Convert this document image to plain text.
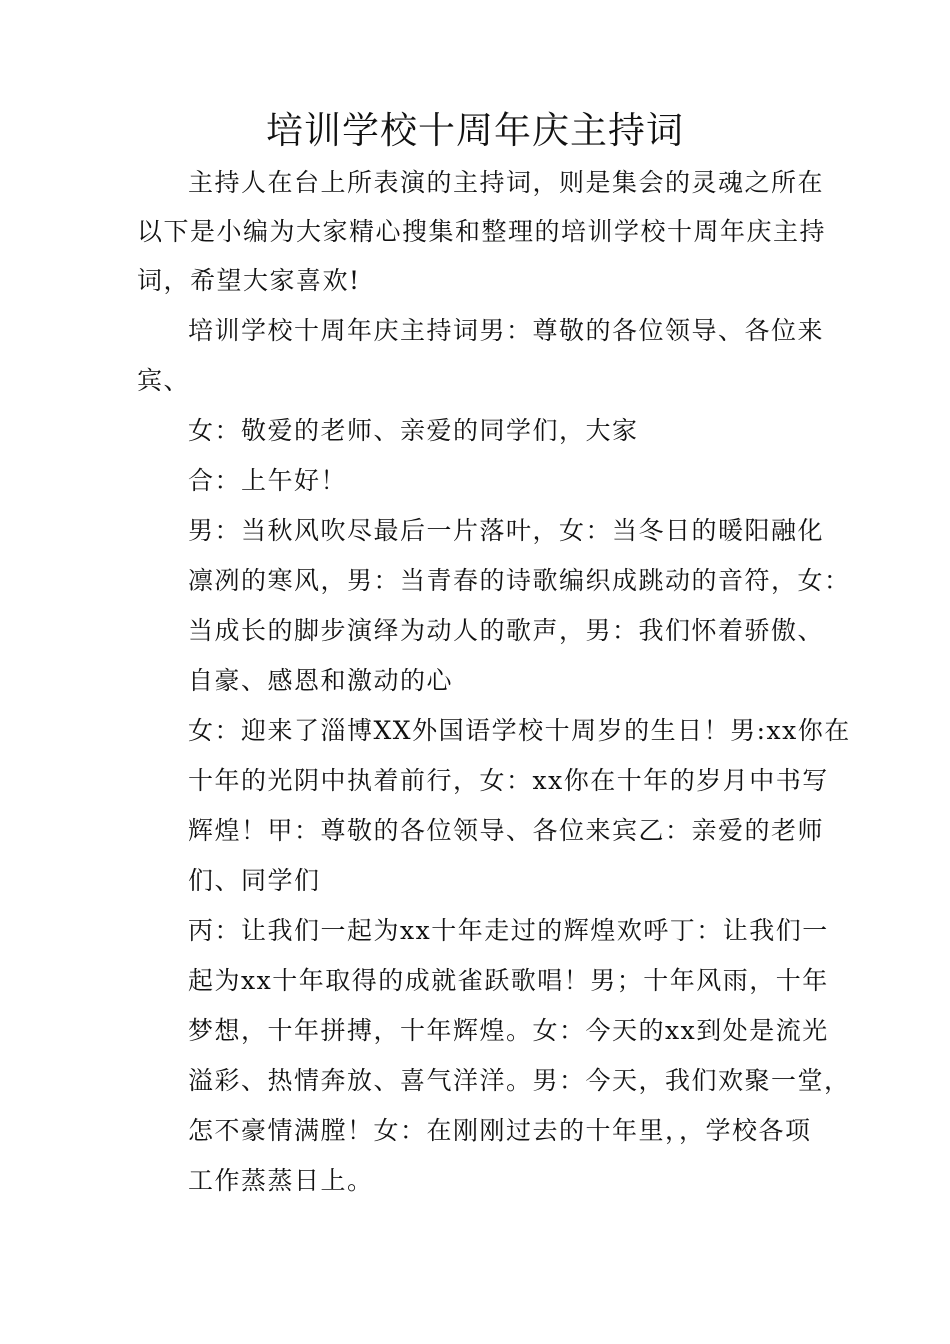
培训学校十周年庆主持词
主持人在台上所表演的主持词，则是集会的灵魂之所在
以下是小编为大家精心搜集和整理的培训学校十周年庆主持
词，希望大家喜欢!
培训学校十周年庆主持词男：尊敬的各位领导、各位来
宾、
女：敬爱的老师、亲爱的同学们，大家
合：上午好！
男：当秋风吹尽最后一片落叶，女：当冬日的暖阳融化
凛冽的寒风，男：当青春的诗歌编织成跳动的音符，女：
当成长的脚步演绎为动人的歌声，男：我们怀着骄傲、
自豪、感恩和激动的心
女：迎来了淄博XX外国语学校十周岁的生日！男:xx你在
十年的光阴中执着前行，女：xx你在十年的岁月中书写
辉煌！甲：尊敬的各位领导、各位来宾乙：亲爱的老师
们、同学们
丙：让我们一起为xx十年走过的辉煌欢呼丁：让我们一
起为xx十年取得的成就雀跃歌唱！男；十年风雨，十年
梦想，十年拼搏，十年辉煌。女：今天的xx到处是流光
溢彩、热情奔放、喜气洋洋。男：今天，我们欢聚一堂，
怎不豪情满膛！女：在刚刚过去的十年里，，学校各项
工作蒸蒸日上。
